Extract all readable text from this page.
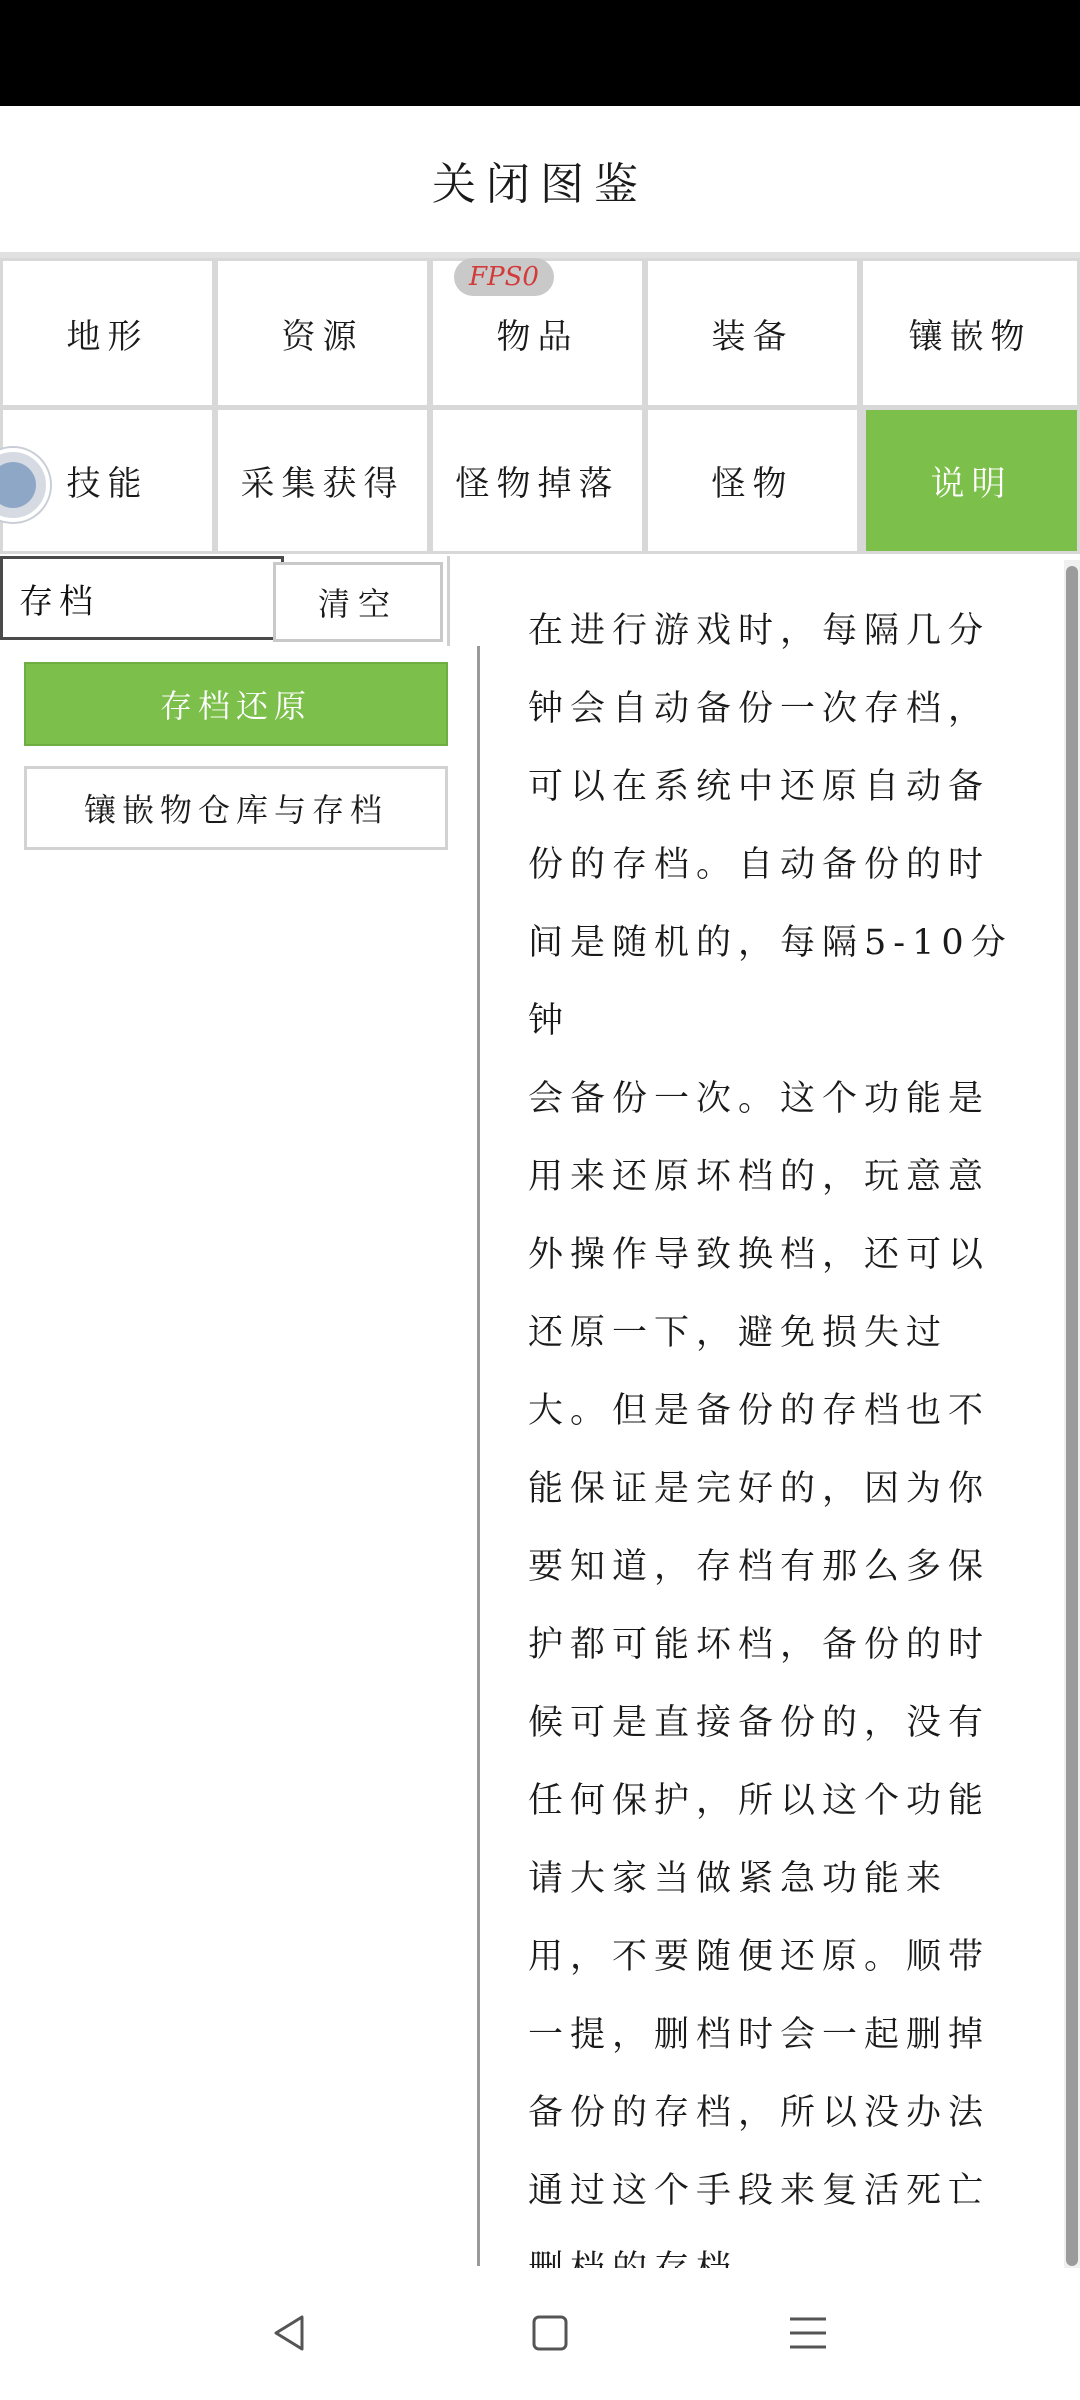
关闭图鉴
地形	资源	物品	装备	镶嵌物
技能	采集获得	怪物掉落	怪物	说明
FPS0
存档
清空
存档还原
镶嵌物仓库与存档
在进行游戏时，每隔几分
钟会自动备份一次存档，
可以在系统中还原自动备
份的存档。自动备份的时
间是随机的，每隔5-10分钟
会备份一次。这个功能是
用来还原坏档的，玩意意
外操作导致换档，还可以
还原一下，避免损失过
大。但是备份的存档也不
能保证是完好的，因为你
要知道，存档有那么多保
护都可能坏档，备份的时
候可是直接备份的，没有
任何保护，所以这个功能
请大家当做紧急功能来
用，不要随便还原。顺带
一提，删档时会一起删掉
备份的存档，所以没办法
通过这个手段来复活死亡
